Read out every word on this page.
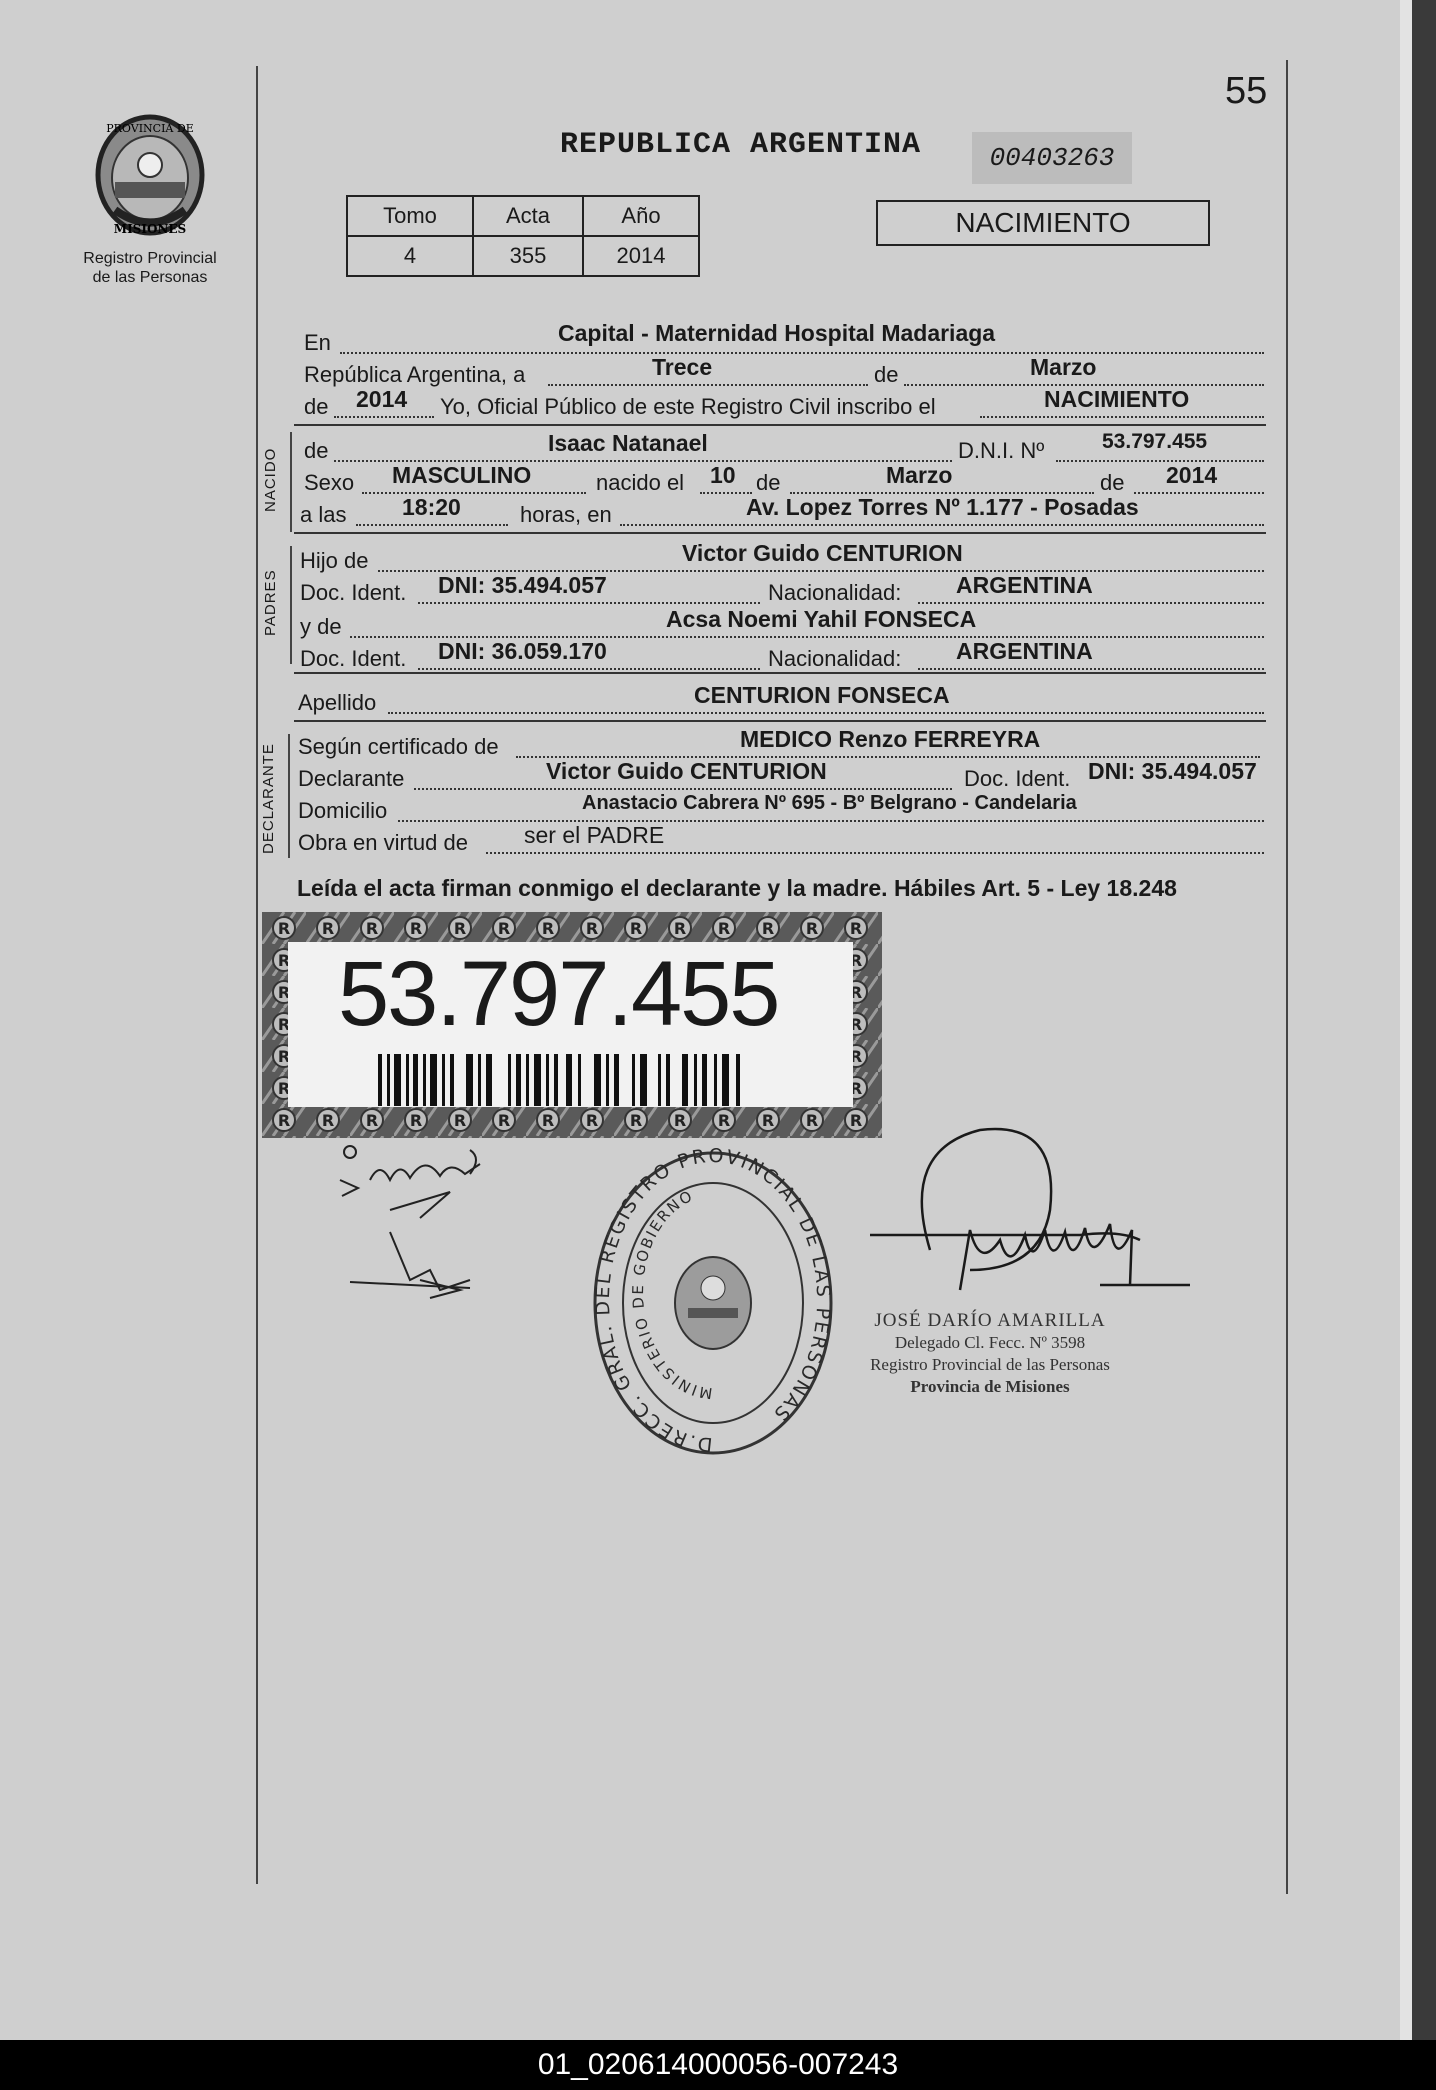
55
PROVINCIA DE
MISIONES
Registro Provincial
de las Personas
REPUBLICA ARGENTINA	00403263
Tomo	Acta	Año
4	355	2014
NACIMIENTO
En	Capital - Maternidad Hospital Madariaga
República Argentina, a	Trece	de	Marzo
de 2014 Yo, Oficial Público de este Registro Civil inscribo el	NACIMIENTO
NACIDO de	Isaac Natanael	D.N.I. Nº	53.797.455
Sexo MASCULINO	nacido el 10 de	Marzo	de 2014
a las 18:20	horas, en	Av. Lopez Torres Nº 1.177 - Posadas
PADRES
Hijo de	Victor Guido CENTURION
Doc. Ident. DNI: 35.494.057	Nacionalidad: ARGENTINA
y de	Acsa Noemi Yahil FONSECA
Doc. Ident. DNI: 36.059.170	Nacionalidad: ARGENTINA
Apellido	CENTURION FONSECA
DECLARANTE Según certificado de	MEDICO Renzo FERREYRA
Declarante	Victor Guido CENTURION	Doc. Ident. DNI: 35.494.057
Domicilio	Anastacio Cabrera Nº 695 - Bº Belgrano - Candelaria
Obra en virtud de ser el PADRE
Leída el acta firman conmigo el declarante y la madre. Hábiles Art. 5 - Ley 18.248
53.797.455
D.RECC. GRAL. DEL REGISTRO PROVINCIAL DE LAS PERSONAS
MINISTERIO DE GOBIERNO
JOSÉ DARÍO AMARILLA
Delegado Cl. Fecc. Nº 3598
Registro Provincial de las Personas
Provincia de Misiones
01_020614000056-007243
